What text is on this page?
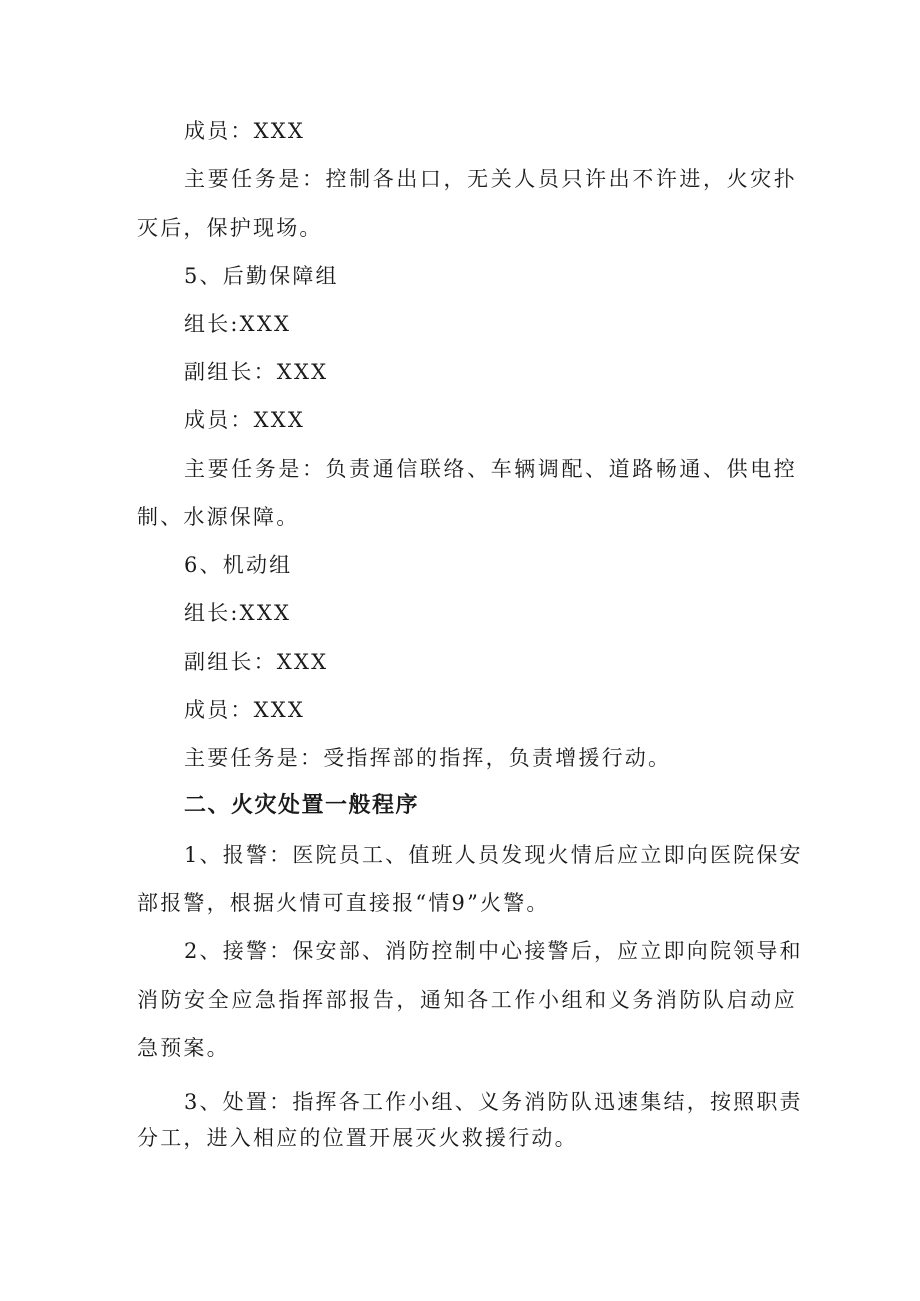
成员：XXX
主要任务是：控制各出口，无关人员只许出不许进，火灾扑
灭后，保护现场。
5、后勤保障组
组长:XXX
副组长：XXX
成员：XXX
主要任务是：负责通信联络、车辆调配、道路畅通、供电控
制、水源保障。
6、机动组
组长:XXX
副组长：XXX
成员：XXX
主要任务是：受指挥部的指挥，负责增援行动。
二、火灾处置一般程序
1、报警：医院员工、值班人员发现火情后应立即向医院保安
部报警，根据火情可直接报“情9”火警。
2、接警：保安部、消防控制中心接警后，应立即向院领导和
消防安全应急指挥部报告，通知各工作小组和义务消防队启动应
急预案。
3、处置：指挥各工作小组、义务消防队迅速集结，按照职责
分工，进入相应的位置开展灭火救援行动。
